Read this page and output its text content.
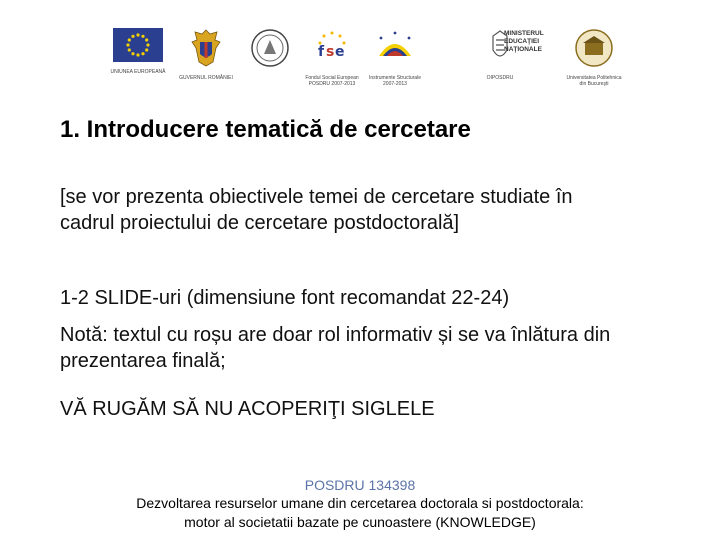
UNIUNEA EUROPEANĂ
GUVERNUL ROMÂNIEI
f s e
Fondul Social European
POSDRU 2007-2013
Instrumente Structurale
2007-2013
OIPOSDRU
MINISTERUL
EDUCAŢIEI
NAŢIONALE
Universitatea Politehnica
din Bucureşti
1. Introducere tematică de cercetare

[se vor prezenta obiectivele temei de cercetare studiate în cadrul proiectului de cercetare postdoctorală]

1-2 SLIDE-uri (dimensiune font recomandat 22-24)

Notă: textul cu roșu are doar rol informativ și se va înlătura din prezentarea finală;

VĂ RUGĂM SĂ NU ACOPERIŢI SIGLELE

POSDRU 134398
Dezvoltarea resurselor umane din cercetarea doctorala si postdoctorala:
motor al societatii bazate pe cunoastere (KNOWLEDGE)
